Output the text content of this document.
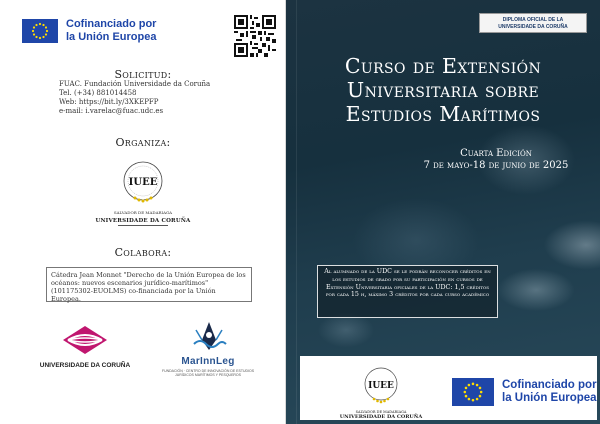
Cofinanciado por
la Unión Europea
Solicitud:
FUAC. Fundación Universidade da Coruña
Tel. (+34) 881014458
Web: https://bit.ly/3XKEPFP
e-mail: i.varelac@fuac.udc.es
Organiza:
IUEE
SALVADOR DE MADARIAGA
UNIVERSIDADE DA CORUÑA
Colabora:
Cátedra Jean Monnet "Derecho de la Unión Europea de los océanos: nuevos escenarios jurídico-marítimos" (101175302-EUOLMS) co-financiada por la Unión Europea.
UNIVERSIDADE DA CORUÑA	MarInnLeg
FUNDACIÓN · CENTRO DE INNOVACIÓN DE ESTUDIOS JURÍDICOS MARÍTIMOS Y PESQUEROS
DIPLOMA OFICIAL DE LA
UNIVERSIDADE DA CORUÑA
Curso de Extensión
Universitaria sobre
Estudios Marítimos
Cuarta Edición
7 de mayo-18 de junio de 2025
Al alumnado de la UDC se le podrán reconocer créditos en los estudios de grado por su participación en cursos de Extensión Universitaria oficiales de la UDC: 1,5 créditos por cada 15 h, máximo 3 créditos por cada curso académico
IUEE
SALVADOR DE MADARIAGA
UNIVERSIDADE DA CORUÑA
Cofinanciado por
la Unión Europea
